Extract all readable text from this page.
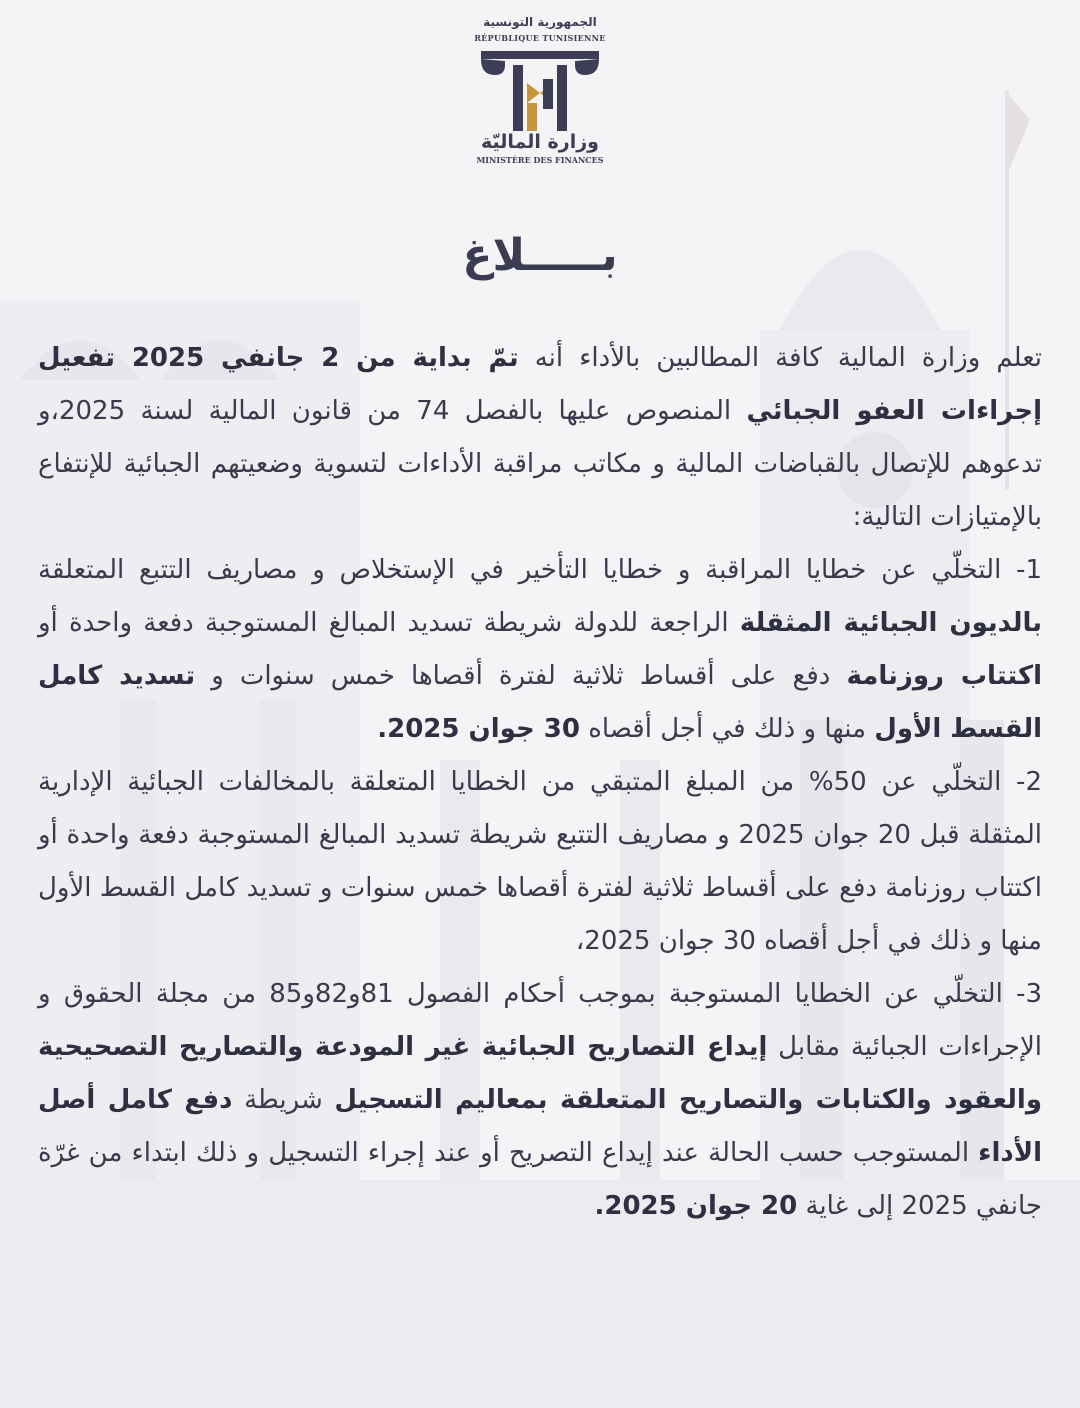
الجمهورية التونسية
RÉPUBLIQUE TUNISIENNE
وزارة الماليّة
MINISTÈRE DES FINANCES
بـــــلاغ

تعلم وزارة المالية كافة المطالبين بالأداء أنه تمّ بداية من 2 جانفي 2025 تفعيل إجراءات العفو الجبائي المنصوص عليها بالفصل 74 من قانون المالية لسنة 2025،و تدعوهم للإتصال بالقباضات المالية و مكاتب مراقبة الأداءات لتسوية وضعيتهم الجبائية للإنتفاع بالإمتيازات التالية:

1- التخلّي عن خطايا المراقبة و خطايا التأخير في الإستخلاص و مصاريف التتبع المتعلقة بالديون الجبائية المثقلة الراجعة للدولة شريطة تسديد المبالغ المستوجبة دفعة واحدة أو اكتتاب روزنامة دفع على أقساط ثلاثية لفترة أقصاها خمس سنوات و تسديد كامل القسط الأول منها و ذلك في أجل أقصاه 30 جوان 2025.

2- التخلّي عن 50% من المبلغ المتبقي من الخطايا المتعلقة بالمخالفات الجبائية الإدارية المثقلة قبل 20 جوان 2025 و مصاريف التتبع شريطة تسديد المبالغ المستوجبة دفعة واحدة أو اكتتاب روزنامة دفع على أقساط ثلاثية لفترة أقصاها خمس سنوات و تسديد كامل القسط الأول منها و ذلك في أجل أقصاه 30 جوان 2025،

3- التخلّي عن الخطايا المستوجبة بموجب أحكام الفصول 81و82و85 من مجلة الحقوق و الإجراءات الجبائية مقابل إيداع التصاريح الجبائية غير المودعة والتصاريح التصحيحية والعقود والكتابات والتصاريح المتعلقة بمعاليم التسجيل شريطة دفع كامل أصل الأداء المستوجب حسب الحالة عند إيداع التصريح أو عند إجراء التسجيل و ذلك ابتداء من غرّة جانفي 2025 إلى غاية 20 جوان 2025.
